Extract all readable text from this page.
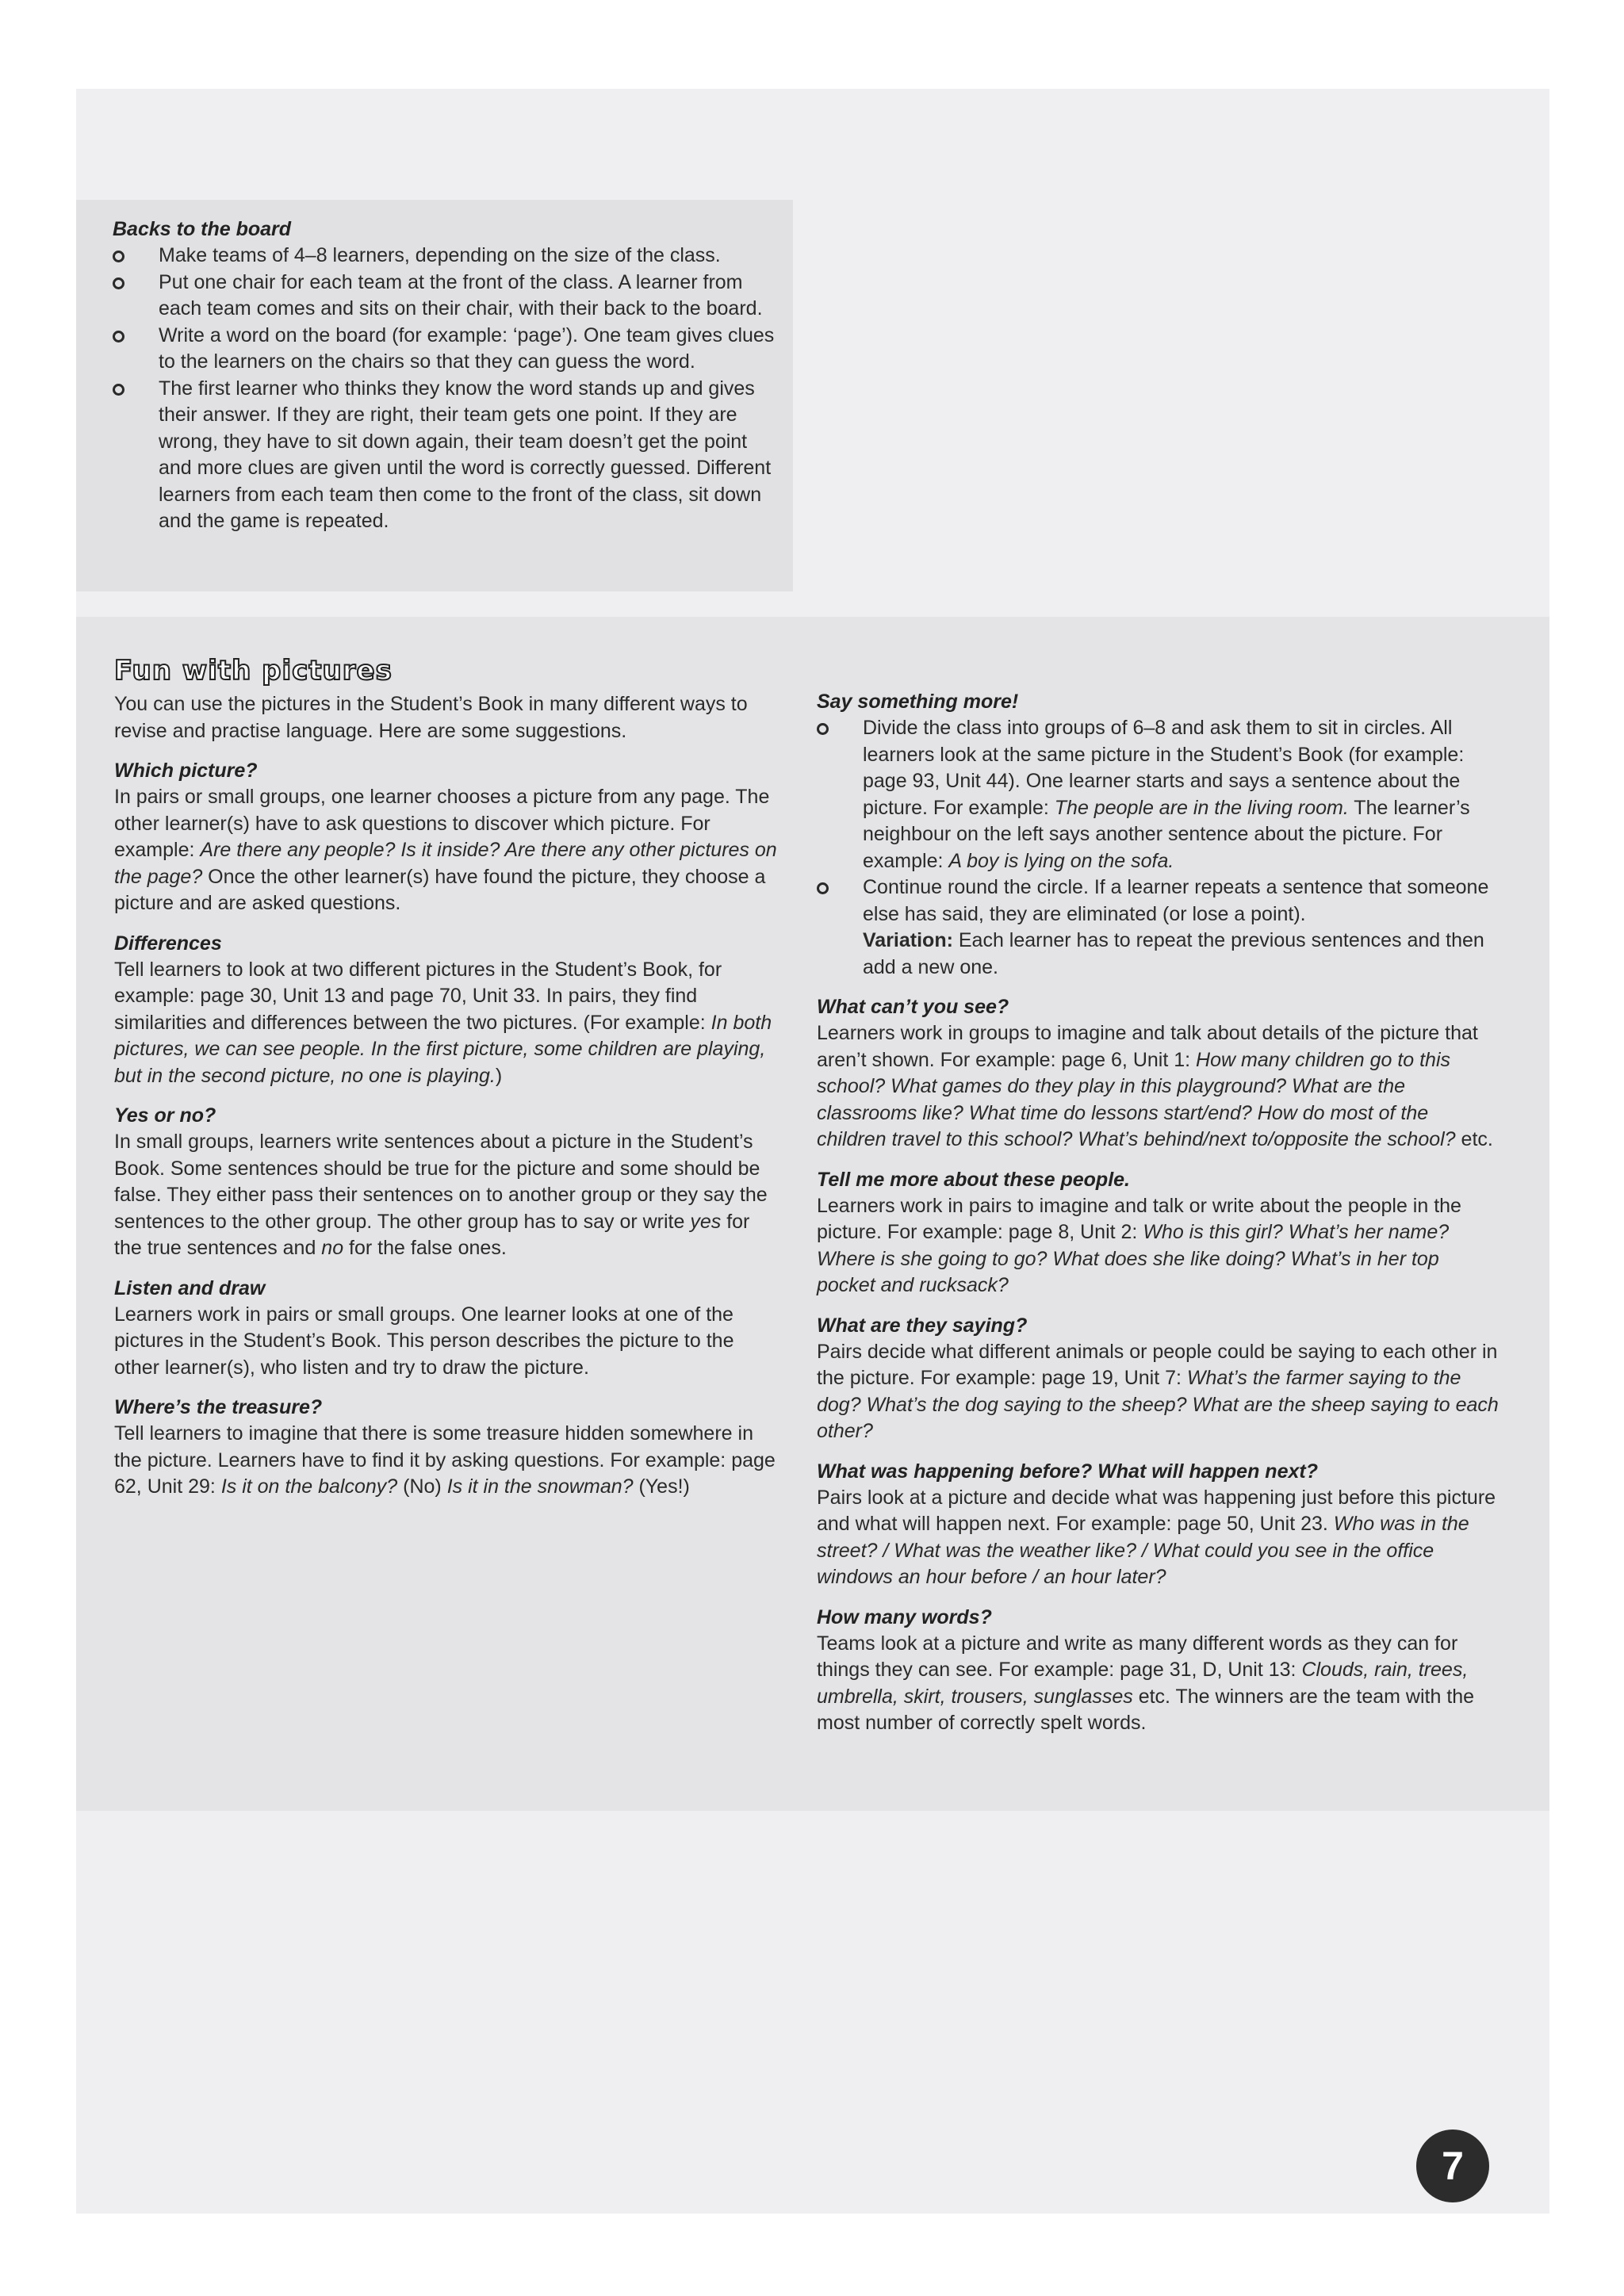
Backs to the board
Make teams of 4–8 learners, depending on the size of the class.
Put one chair for each team at the front of the class. A learner from each team comes and sits on their chair, with their back to the board.
Write a word on the board (for example: ‘page’). One team gives clues to the learners on the chairs so that they can guess the word.
The first learner who thinks they know the word stands up and gives their answer. If they are right, their team gets one point. If they are wrong, they have to sit down again, their team doesn’t get the point and more clues are given until the word is correctly guessed. Different learners from each team then come to the front of the class, sit down and the game is repeated.
Fun with pictures

You can use the pictures in the Student’s Book in many different ways to revise and practise language. Here are some suggestions.

Which picture?

In pairs or small groups, one learner chooses a picture from any page. The other learner(s) have to ask questions to discover which picture. For example: Are there any people? Is it inside? Are there any other pictures on the page? Once the other learner(s) have found the picture, they choose a picture and are asked questions.

Differences

Tell learners to look at two different pictures in the Student’s Book, for example: page 30, Unit 13 and page 70, Unit 33. In pairs, they find similarities and differences between the two pictures. (For example: In both pictures, we can see people. In the first picture, some children are playing, but in the second picture, no one is playing.)

Yes or no?

In small groups, learners write sentences about a picture in the Student’s Book. Some sentences should be true for the picture and some should be false. They either pass their sentences on to another group or they say the sentences to the other group. The other group has to say or write yes for the true sentences and no for the false ones.

Listen and draw

Learners work in pairs or small groups. One learner looks at one of the pictures in the Student’s Book. This person describes the picture to the other learner(s), who listen and try to draw the picture.

Where’s the treasure?

Tell learners to imagine that there is some treasure hidden somewhere in the picture. Learners have to find it by asking questions. For example: page 62, Unit 29: Is it on the balcony? (No) Is it in the snowman? (Yes!)

Say something more!
Divide the class into groups of 6–8 and ask them to sit in circles. All learners look at the same picture in the Student’s Book (for example: page 93, Unit 44). One learner starts and says a sentence about the picture. For example: The people are in the living room. The learner’s neighbour on the left says another sentence about the picture. For example: A boy is lying on the sofa.
Continue round the circle. If a learner repeats a sentence that someone else has said, they are eliminated (or lose a point).
Variation: Each learner has to repeat the previous sentences and then add a new one.
What can’t you see?

Learners work in groups to imagine and talk about details of the picture that aren’t shown. For example: page 6, Unit 1: How many children go to this school? What games do they play in this playground? What are the classrooms like? What time do lessons start/end? How do most of the children travel to this school? What’s behind/next to/opposite the school? etc.

Tell me more about these people.

Learners work in pairs to imagine and talk or write about the people in the picture. For example: page 8, Unit 2: Who is this girl? What’s her name? Where is she going to go? What does she like doing? What’s in her top pocket and rucksack?

What are they saying?

Pairs decide what different animals or people could be saying to each other in the picture. For example: page 19, Unit 7: What’s the farmer saying to the dog? What’s the dog saying to the sheep? What are the sheep saying to each other?

What was happening before? What will happen next?

Pairs look at a picture and decide what was happening just before this picture and what will happen next. For example: page 50, Unit 23. Who was in the street? / What was the weather like? / What could you see in the office windows an hour before / an hour later?

How many words?

Teams look at a picture and write as many different words as they can for things they can see. For example: page 31, D, Unit 13: Clouds, rain, trees, umbrella, skirt, trousers, sunglasses etc. The winners are the team with the most number of correctly spelt words.

7
